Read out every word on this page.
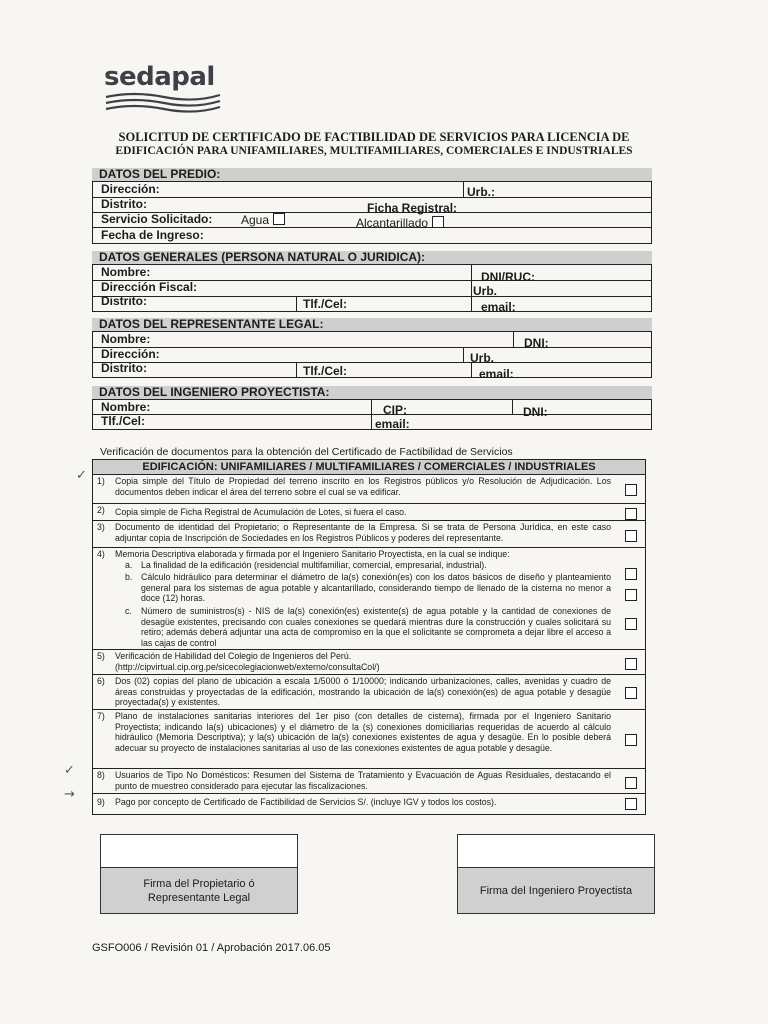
sedapal
SOLICITUD DE CERTIFICADO DE FACTIBILIDAD DE SERVICIOS PARA LICENCIA DE
EDIFICACIÓN PARA UNIFAMILIARES, MULTIFAMILIARES, COMERCIALES E INDUSTRIALES
DATOS DEL PREDIO:
Dirección:	Urb.:
Distrito:	Ficha Registral:
Servicio Solicitado: Agua	Alcantarillado
Fecha de Ingreso:
DATOS GENERALES (PERSONA NATURAL O JURIDICA):
Nombre:	DNI/RUC:
Dirección Fiscal:	Urb.
Distrito:	Tlf./Cel:	email:
DATOS DEL REPRESENTANTE LEGAL:
Nombre:	DNI:
Dirección:	Urb.
Distrito:	Tlf./Cel:	email:
DATOS DEL INGENIERO PROYECTISTA:
Nombre:	CIP:	DNI:
Tlf./Cel:	email:
Verificación de documentos para la obtención del Certificado de Factibilidad de Servicios
EDIFICACIÓN: UNIFAMILIARES / MULTIFAMILIARES / COMERCIALES / INDUSTRIALES
1) Copia simple del Título de Propiedad del terreno inscrito en los Registros públicos y/o Resolución de Adjudicación. Los documentos deben indicar el área del terreno sobre el cual se va edificar.
2) Copia simple de Ficha Registral de Acumulación de Lotes, si fuera el caso.
3) Documento de identidad del Propietario; o Representante de la Empresa. Si se trata de Persona Jurídica, en este caso adjuntar copia de Inscripción de Sociedades en los Registros Públicos y poderes del representante.
4) Memoria Descriptiva elaborada y firmada por el Ingeniero Sanitario Proyectista, en la cual se indique:
a. La finalidad de la edificación (residencial multifamiliar, comercial, empresarial, industrial).
b. Cálculo hidráulico para determinar el diámetro de la(s) conexión(es) con los datos básicos de diseño y planteamiento general para los sistemas de agua potable y alcantarillado, considerando tiempo de llenado de la cisterna no menor a doce (12) horas.
c. Número de suministros(s) - NIS de la(s) conexión(es) existente(s) de agua potable y la cantidad de conexiones de desagüe existentes, precisando con cuales conexiones se quedará mientras dure la construcción y cuales solicitará su retiro; además deberá adjuntar una acta de compromiso en la que el solicitante se comprometa a dejar libre el acceso a las cajas de control
5) Verificación de Habilidad del Colegio de Ingenieros del Perú.
(http://cipvirtual.cip.org.pe/sicecolegiacionweb/externo/consultaCol/)
6) Dos (02) copias del plano de ubicación a escala 1/5000 ó 1/10000; indicando urbanizaciones, calles, avenidas y cuadro de áreas construidas y proyectadas de la edificación, mostrando la ubicación de la(s) conexión(es) de agua potable y desagüe proyectada(s) y existentes.
7) Plano de instalaciones sanitarias interiores del 1er piso (con detalles de cisterna), firmada por el Ingeniero Sanitario Proyectista; indicando la(s) ubicaciones) y el diámetro de la (s) conexiones domiciliarias requeridas de acuerdo al cálculo hidráulico (Memoria Descriptiva); y la(s) ubicación de la(s) conexiones existentes de agua y desagüe. En lo posible deberá adecuar su proyecto de instalaciones sanitarias al uso de las conexiones existentes de agua potable y desagüe.
8) Usuarios de Tipo No Domésticos: Resumen del Sistema de Tratamiento y Evacuación de Aguas Residuales, destacando el punto de muestreo considerado para ejecutar las fiscalizaciones.
9) Pago por concepto de Certificado de Factibilidad de Servicios S/. (incluye IGV y todos los costos).
✓
✓
→
Firma del Propietario ó
Representante Legal
Firma del Ingeniero Proyectista
GSFO006 / Revisión 01 / Aprobación 2017.06.05
